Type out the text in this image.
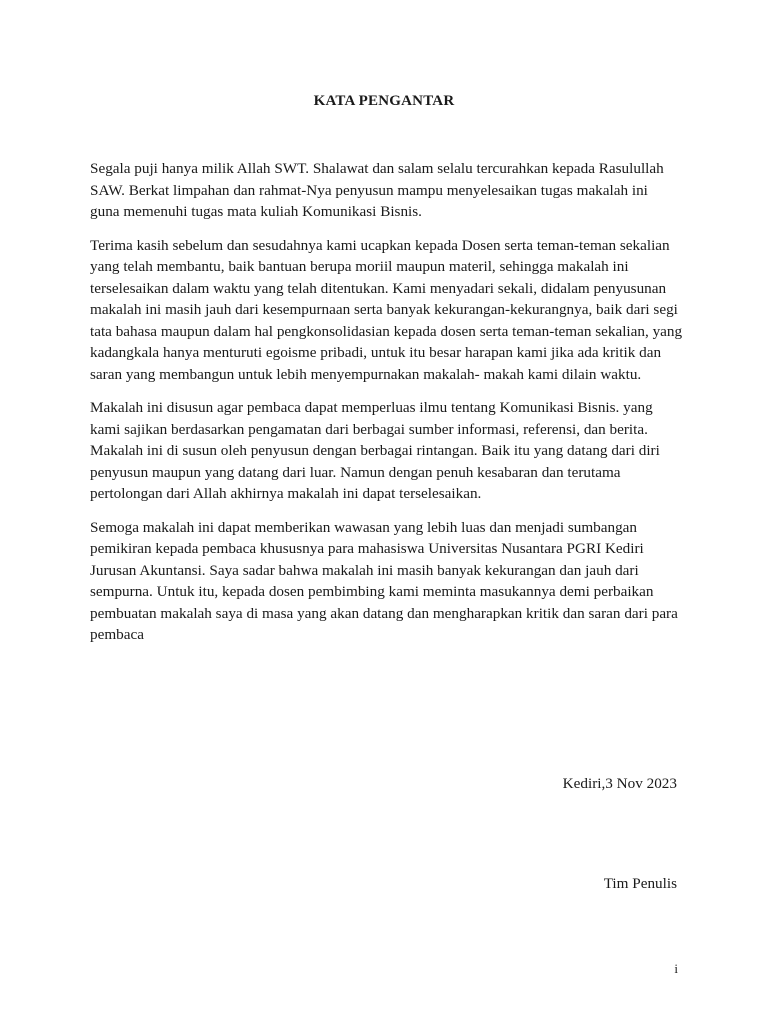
KATA PENGANTAR

Segala puji hanya milik Allah SWT. Shalawat dan salam selalu tercurahkan kepada Rasulullah
SAW. Berkat limpahan dan rahmat-Nya penyusun mampu menyelesaikan tugas makalah ini
guna memenuhi tugas mata kuliah Komunikasi Bisnis.

Terima kasih sebelum dan sesudahnya kami ucapkan kepada Dosen serta teman-teman sekalian
yang telah membantu, baik bantuan berupa moriil maupun materil, sehingga makalah ini
terselesaikan dalam waktu yang telah ditentukan. Kami menyadari sekali, didalam penyusunan
makalah ini masih jauh dari kesempurnaan serta banyak kekurangan-kekurangnya, baik dari segi
tata bahasa maupun dalam hal pengkonsolidasian kepada dosen serta teman-teman sekalian, yang
kadangkala hanya menturuti egoisme pribadi, untuk itu besar harapan kami jika ada kritik dan
saran yang membangun untuk lebih menyempurnakan makalah- makah kami dilain waktu.

Makalah ini disusun agar pembaca dapat memperluas ilmu tentang Komunikasi Bisnis. yang
kami sajikan berdasarkan pengamatan dari berbagai sumber informasi, referensi, dan berita.
Makalah ini di susun oleh penyusun dengan berbagai rintangan. Baik itu yang datang dari diri
penyusun maupun yang datang dari luar. Namun dengan penuh kesabaran dan terutama
pertolongan dari Allah akhirnya makalah ini dapat terselesaikan.

Semoga makalah ini dapat memberikan wawasan yang lebih luas dan menjadi sumbangan
pemikiran kepada pembaca khususnya para mahasiswa Universitas Nusantara PGRI Kediri
Jurusan Akuntansi. Saya sadar bahwa makalah ini masih banyak kekurangan dan jauh dari
sempurna. Untuk itu, kepada dosen pembimbing kami meminta masukannya demi perbaikan
pembuatan makalah saya di masa yang akan datang dan mengharapkan kritik dan saran dari para
pembaca

Kediri,3 Nov 2023
Tim Penulis
i
